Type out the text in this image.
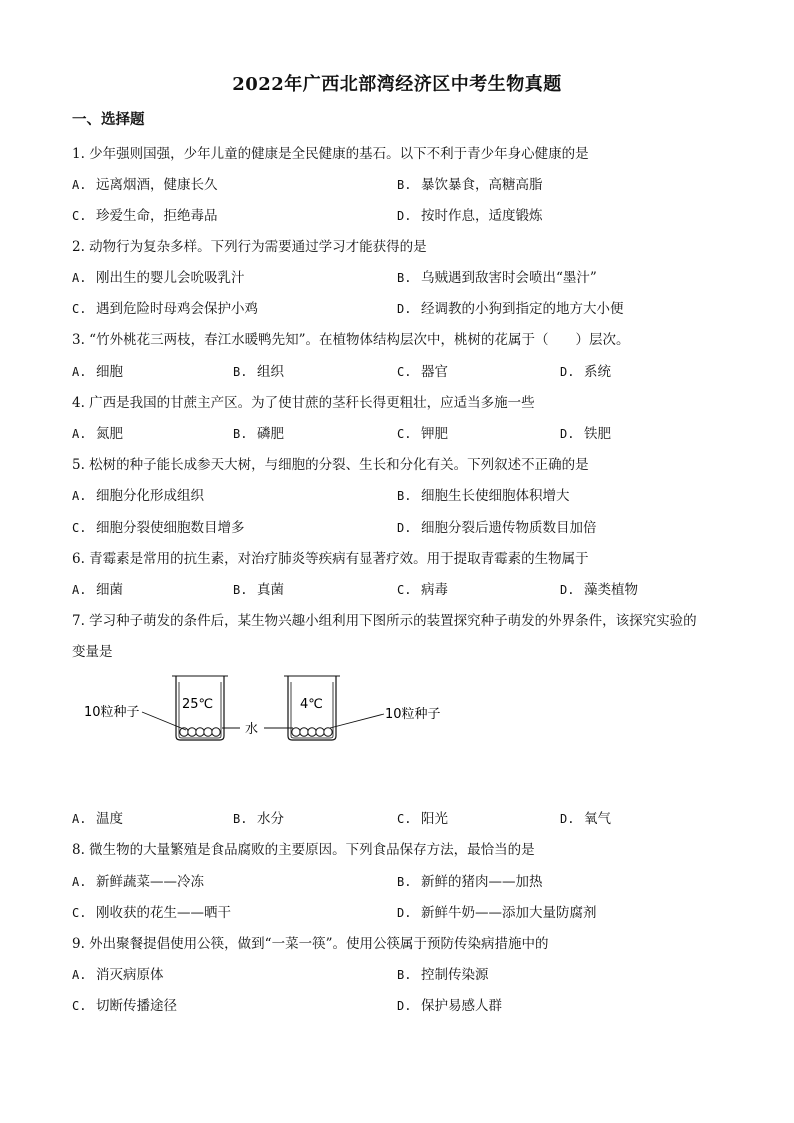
2022年广西北部湾经济区中考生物真题
一、选择题
1. 少年强则国强，少年儿童的健康是全民健康的基石。以下不利于青少年身心健康的是
A. 远离烟酒，健康长久	B. 暴饮暴食，高糖高脂
C. 珍爱生命，拒绝毒品	D. 按时作息，适度锻炼
2. 动物行为复杂多样。下列行为需要通过学习才能获得的是
A. 刚出生的婴儿会吮吸乳汁	B. 乌贼遇到敌害时会喷出“墨汁”
C. 遇到危险时母鸡会保护小鸡	D. 经调教的小狗到指定的地方大小便
3. “竹外桃花三两枝，春江水暖鸭先知”。在植物体结构层次中，桃树的花属于（　　）层次。
A. 细胞	B. 组织	C. 器官	D. 系统
4. 广西是我国的甘蔗主产区。为了使甘蔗的茎秆长得更粗壮，应适当多施一些
A. 氮肥	B. 磷肥	C. 钾肥	D. 铁肥
5. 松树的种子能长成参天大树，与细胞的分裂、生长和分化有关。下列叙述不正确的是
A. 细胞分化形成组织	B. 细胞生长使细胞体积增大
C. 细胞分裂使细胞数目增多	D. 细胞分裂后遗传物质数目加倍
6. 青霉素是常用的抗生素，对治疗肺炎等疾病有显著疗效。用于提取青霉素的生物属于
A. 细菌	B. 真菌	C. 病毒	D. 藻类植物
7. 学习种子萌发的条件后，某生物兴趣小组利用下图所示的装置探究种子萌发的外界条件，该探究实验的
变量是
25℃	4℃
10粒种子
水
10粒种子
A. 温度	B. 水分	C. 阳光	D. 氧气
8. 微生物的大量繁殖是食品腐败的主要原因。下列食品保存方法，最恰当的是
A. 新鲜蔬菜——冷冻	B. 新鲜的猪肉——加热
C. 刚收获的花生——晒干	D. 新鲜牛奶——添加大量防腐剂
9. 外出聚餐提倡使用公筷，做到“一菜一筷”。使用公筷属于预防传染病措施中的
A. 消灭病原体	B. 控制传染源
C. 切断传播途径	D. 保护易感人群
